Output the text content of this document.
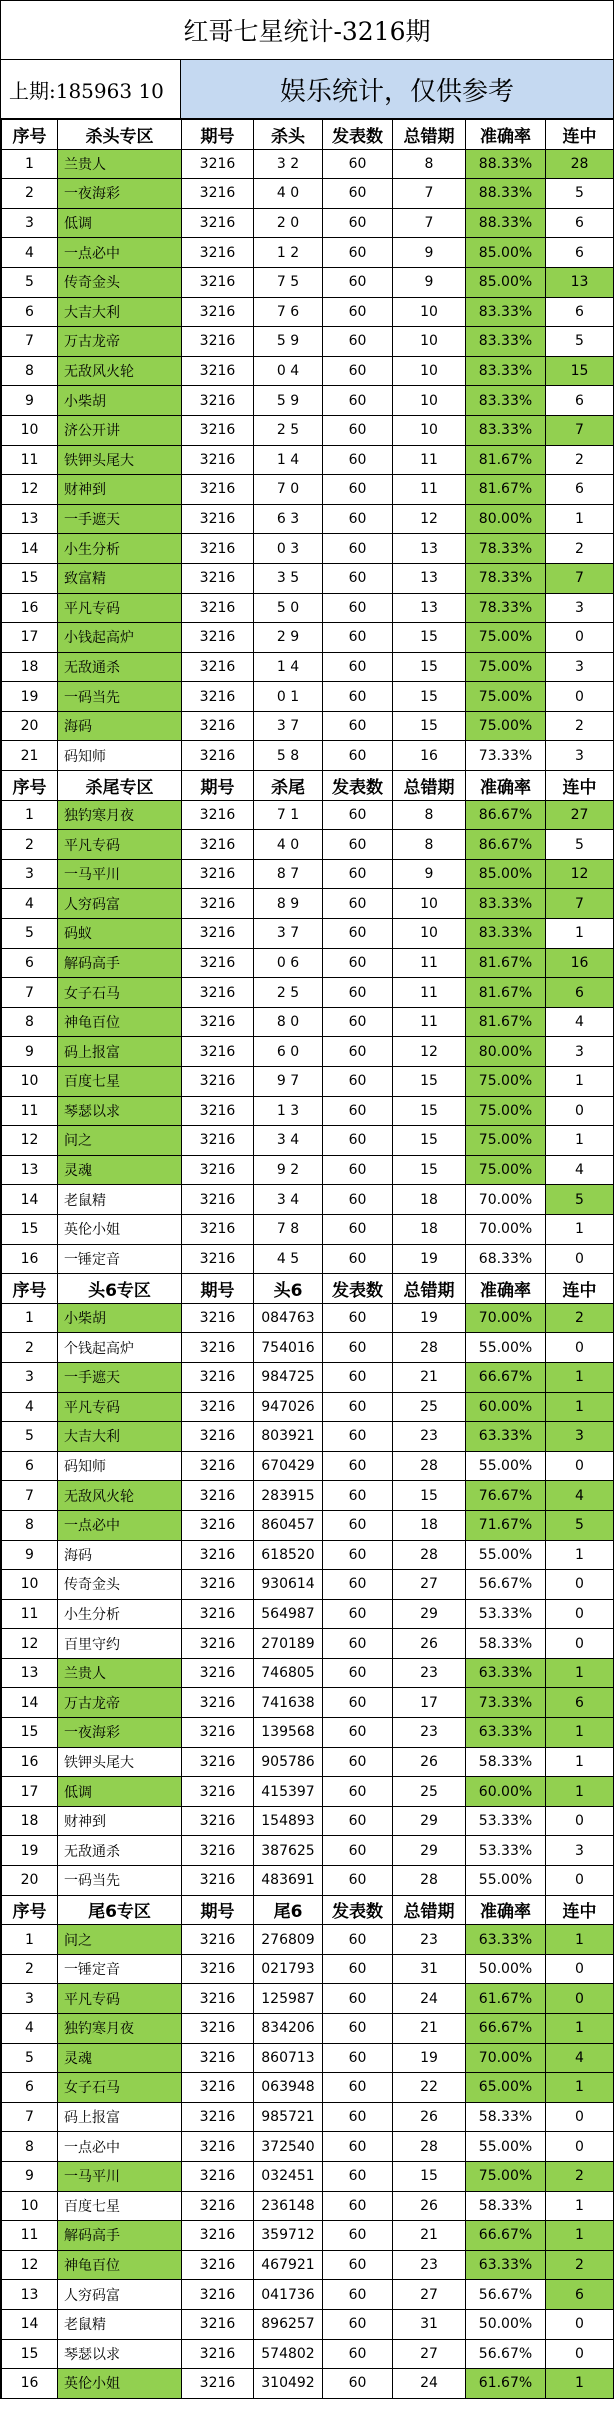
红哥七星统计-3216期
上期:185963 10	娱乐统计，仅供参考
序号	杀头专区	期号	杀头	发表数	总错期	准确率	连中
1	兰贵人	3216	3 2	60	8	88.33%	28
2	一夜海彩	3216	4 0	60	7	88.33%	5
3	低调	3216	2 0	60	7	88.33%	6
4	一点必中	3216	1 2	60	9	85.00%	6
5	传奇金头	3216	7 5	60	9	85.00%	13
6	大吉大利	3216	7 6	60	10	83.33%	6
7	万古龙帝	3216	5 9	60	10	83.33%	5
8	无敌风火轮	3216	0 4	60	10	83.33%	15
9	小柴胡	3216	5 9	60	10	83.33%	6
10	济公开讲	3216	2 5	60	10	83.33%	7
11	铁钾头尾大	3216	1 4	60	11	81.67%	2
12	财神到	3216	7 0	60	11	81.67%	6
13	一手遮天	3216	6 3	60	12	80.00%	1
14	小生分析	3216	0 3	60	13	78.33%	2
15	致富精	3216	3 5	60	13	78.33%	7
16	平凡专码	3216	5 0	60	13	78.33%	3
17	小钱起高炉	3216	2 9	60	15	75.00%	0
18	无敌通杀	3216	1 4	60	15	75.00%	3
19	一码当先	3216	0 1	60	15	75.00%	0
20	海码	3216	3 7	60	15	75.00%	2
21	码知师	3216	5 8	60	16	73.33%	3
序号	杀尾专区	期号	杀尾	发表数	总错期	准确率	连中
1	独钓寒月夜	3216	7 1	60	8	86.67%	27
2	平凡专码	3216	4 0	60	8	86.67%	5
3	一马平川	3216	8 7	60	9	85.00%	12
4	人穷码富	3216	8 9	60	10	83.33%	7
5	码蚁	3216	3 7	60	10	83.33%	1
6	解码高手	3216	0 6	60	11	81.67%	16
7	女子石马	3216	2 5	60	11	81.67%	6
8	神龟百位	3216	8 0	60	11	81.67%	4
9	码上报富	3216	6 0	60	12	80.00%	3
10	百度七星	3216	9 7	60	15	75.00%	1
11	琴瑟以求	3216	1 3	60	15	75.00%	0
12	问之	3216	3 4	60	15	75.00%	1
13	灵魂	3216	9 2	60	15	75.00%	4
14	老鼠精	3216	3 4	60	18	70.00%	5
15	英伦小姐	3216	7 8	60	18	70.00%	1
16	一锤定音	3216	4 5	60	19	68.33%	0
序号	头6专区	期号	头6	发表数	总错期	准确率	连中
1	小柴胡	3216	084763	60	19	70.00%	2
2	个钱起高炉	3216	754016	60	28	55.00%	0
3	一手遮天	3216	984725	60	21	66.67%	1
4	平凡专码	3216	947026	60	25	60.00%	1
5	大吉大利	3216	803921	60	23	63.33%	3
6	码知师	3216	670429	60	28	55.00%	0
7	无敌风火轮	3216	283915	60	15	76.67%	4
8	一点必中	3216	860457	60	18	71.67%	5
9	海码	3216	618520	60	28	55.00%	1
10	传奇金头	3216	930614	60	27	56.67%	0
11	小生分析	3216	564987	60	29	53.33%	0
12	百里守约	3216	270189	60	26	58.33%	0
13	兰贵人	3216	746805	60	23	63.33%	1
14	万古龙帝	3216	741638	60	17	73.33%	6
15	一夜海彩	3216	139568	60	23	63.33%	1
16	铁钾头尾大	3216	905786	60	26	58.33%	1
17	低调	3216	415397	60	25	60.00%	1
18	财神到	3216	154893	60	29	53.33%	0
19	无敌通杀	3216	387625	60	29	53.33%	3
20	一码当先	3216	483691	60	28	55.00%	0
序号	尾6专区	期号	尾6	发表数	总错期	准确率	连中
1	问之	3216	276809	60	23	63.33%	1
2	一锤定音	3216	021793	60	31	50.00%	0
3	平凡专码	3216	125987	60	24	61.67%	0
4	独钓寒月夜	3216	834206	60	21	66.67%	1
5	灵魂	3216	860713	60	19	70.00%	4
6	女子石马	3216	063948	60	22	65.00%	1
7	码上报富	3216	985721	60	26	58.33%	0
8	一点必中	3216	372540	60	28	55.00%	0
9	一马平川	3216	032451	60	15	75.00%	2
10	百度七星	3216	236148	60	26	58.33%	1
11	解码高手	3216	359712	60	21	66.67%	1
12	神龟百位	3216	467921	60	23	63.33%	2
13	人穷码富	3216	041736	60	27	56.67%	6
14	老鼠精	3216	896257	60	31	50.00%	0
15	琴瑟以求	3216	574802	60	27	56.67%	0
16	英伦小姐	3216	310492	60	24	61.67%	1
